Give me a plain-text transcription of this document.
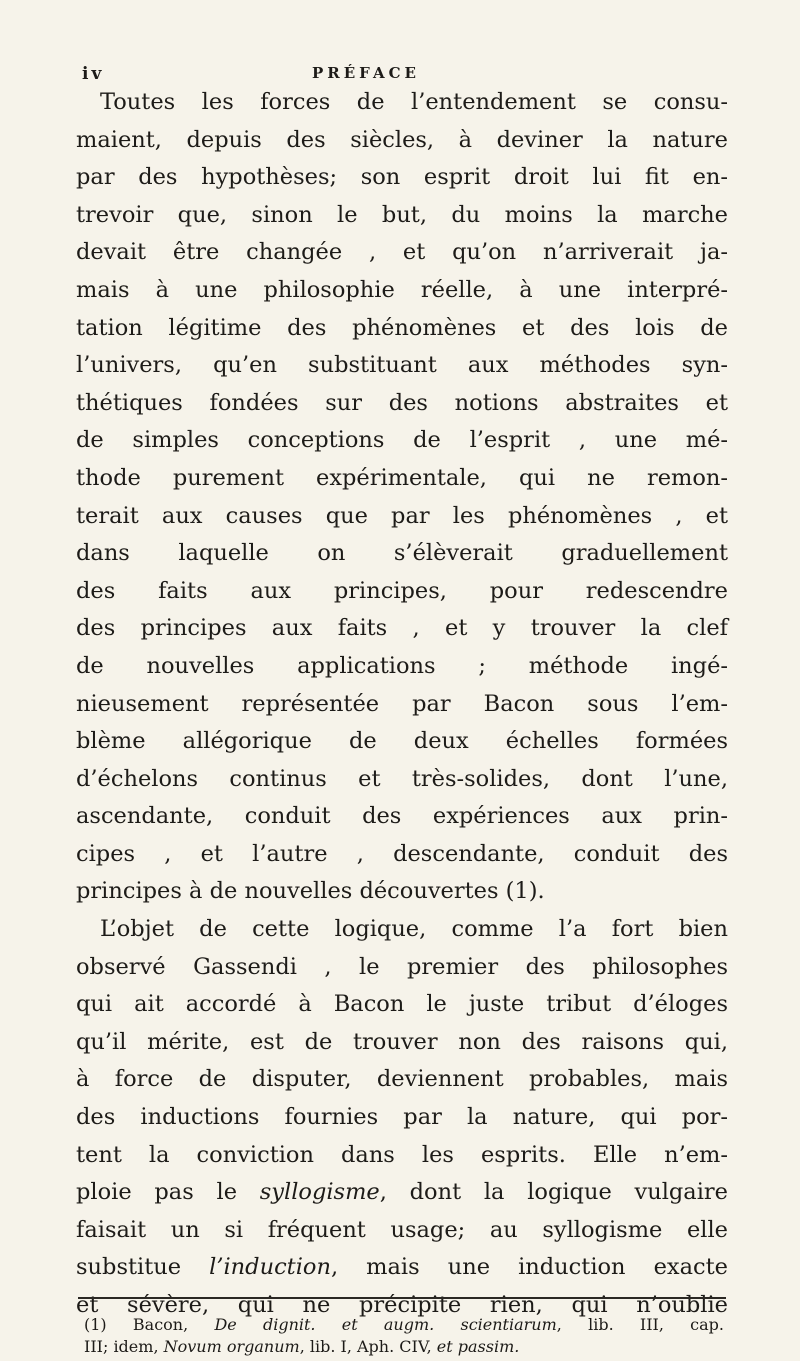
iv	PRÉFACE
Toutes les forces de l’entendement se consu-
maient, depuis des siècles, à deviner la nature
par des hypothèses; son esprit droit lui fit en-
trevoir que, sinon le but, du moins la marche
devait être changée , et qu’on n’arriverait ja-
mais à une philosophie réelle, à une interpré-
tation légitime des phénomènes et des lois de
l’univers, qu’en substituant aux méthodes syn-
thétiques fondées sur des notions abstraites et
de simples conceptions de l’esprit , une mé-
thode purement expérimentale, qui ne remon-
terait aux causes que par les phénomènes , et
dans laquelle on s’élèverait graduellement
des faits aux principes, pour redescendre
des principes aux faits , et y trouver la clef
de nouvelles applications ; méthode ingé-
nieusement représentée par Bacon sous l’em-
blème allégorique de deux échelles formées
d’échelons continus et très-solides, dont l’une,
ascendante, conduit des expériences aux prin-
cipes , et l’autre , descendante, conduit des
principes à de nouvelles découvertes (1).
L’objet de cette logique, comme l’a fort bien
observé Gassendi , le premier des philosophes
qui ait accordé à Bacon le juste tribut d’éloges
qu’il mérite, est de trouver non des raisons qui,
à force de disputer, deviennent probables, mais
des inductions fournies par la nature, qui por-
tent la conviction dans les esprits. Elle n’em-
ploie pas le syllogisme, dont la logique vulgaire
faisait un si fréquent usage; au syllogisme elle
substitue l’induction, mais une induction exacte
et sévère, qui ne précipite rien, qui n’oublie
(1) Bacon, De dignit. et augm. scientiarum, lib. III, cap.
III; idem, Novum organum, lib. I, Aph. CIV, et passim.
